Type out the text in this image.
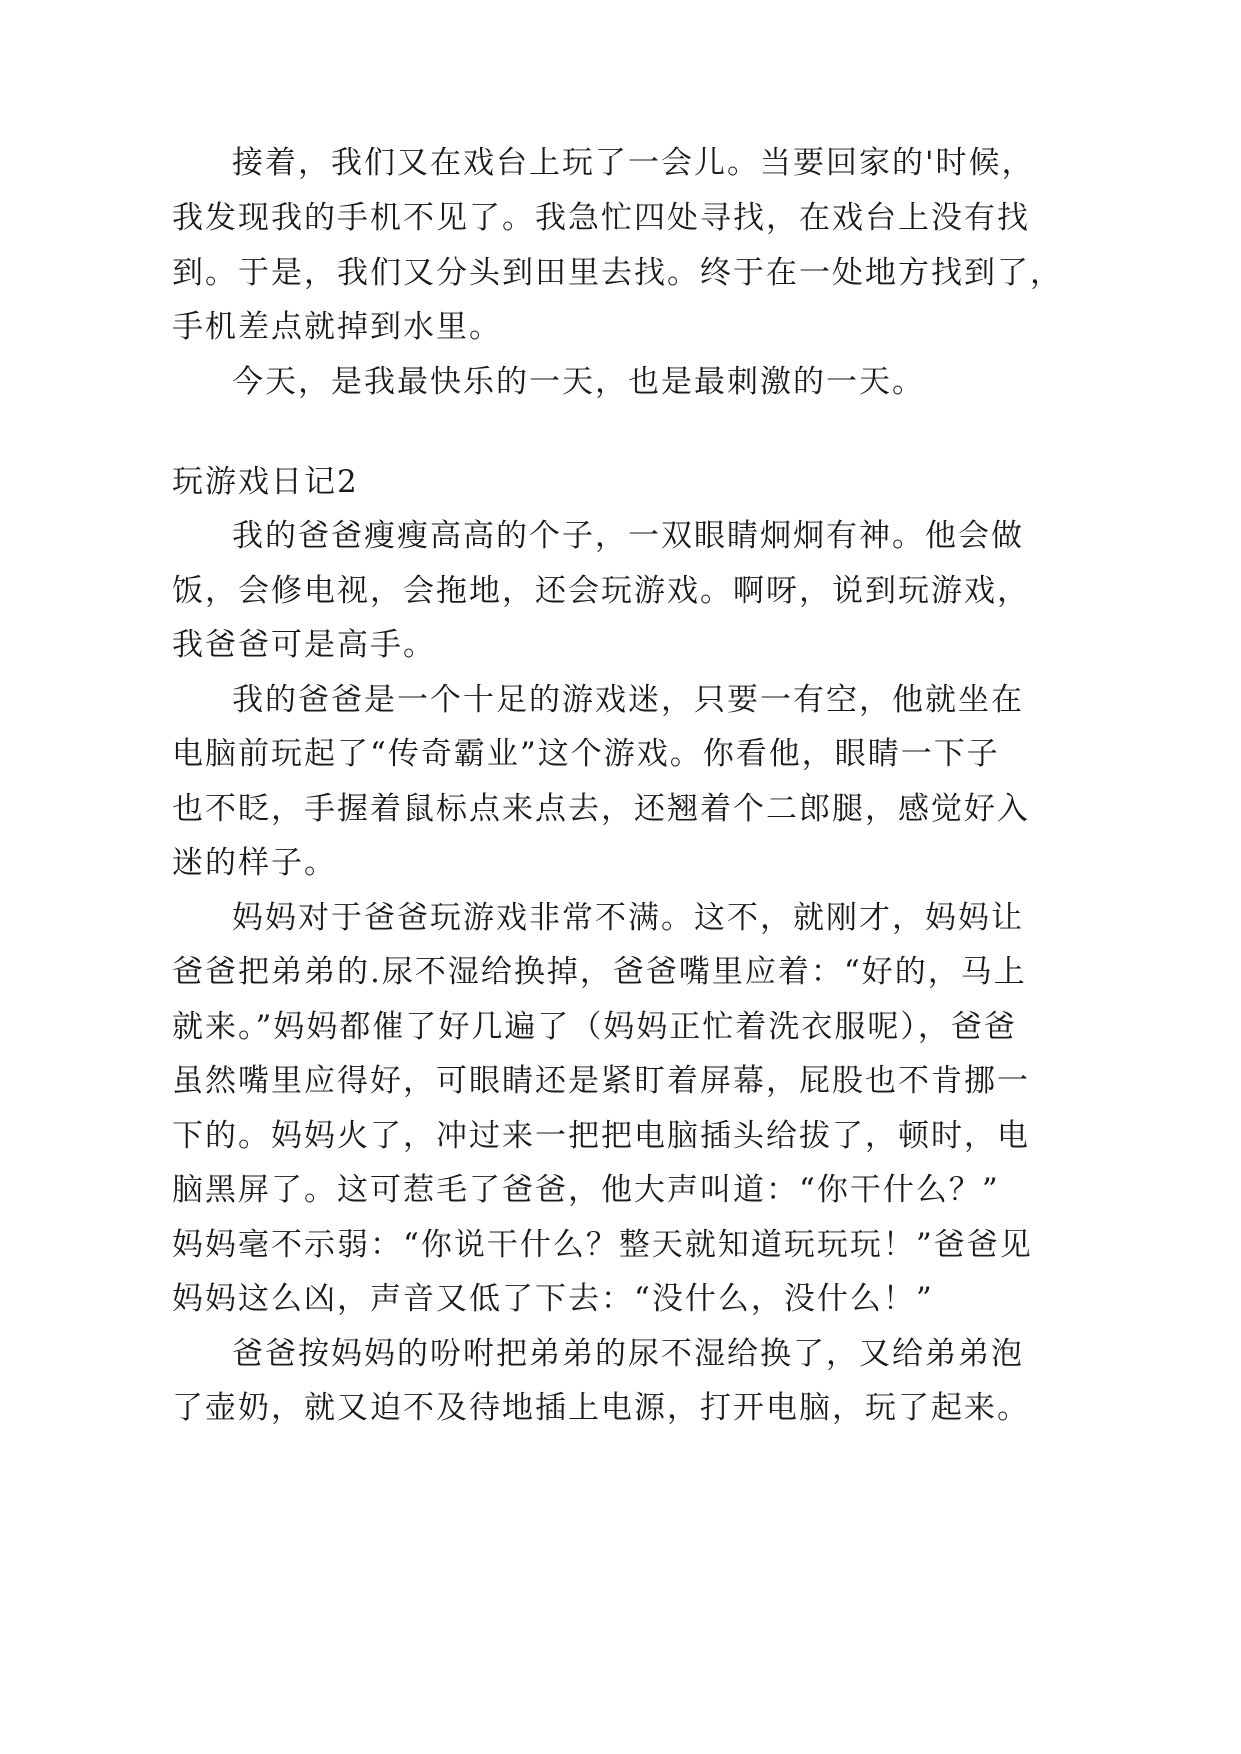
接着，我们又在戏台上玩了一会儿。当要回家的'时候，
我发现我的手机不见了。我急忙四处寻找，在戏台上没有找
到。于是，我们又分头到田里去找。终于在一处地方找到了，
手机差点就掉到水里。
今天，是我最快乐的一天，也是最刺激的一天。
玩游戏日记2
我的爸爸瘦瘦高高的个子，一双眼睛炯炯有神。他会做
饭，会修电视，会拖地，还会玩游戏。啊呀，说到玩游戏，
我爸爸可是高手。
我的爸爸是一个十足的游戏迷，只要一有空，他就坐在
电脑前玩起了“传奇霸业”这个游戏。你看他，眼睛一下子
也不眨，手握着鼠标点来点去，还翘着个二郎腿，感觉好入
迷的样子。
妈妈对于爸爸玩游戏非常不满。这不，就刚才，妈妈让
爸爸把弟弟的.尿不湿给换掉，爸爸嘴里应着：“好的，马上
就来。”妈妈都催了好几遍了（妈妈正忙着洗衣服呢），爸爸
虽然嘴里应得好，可眼睛还是紧盯着屏幕，屁股也不肯挪一
下的。妈妈火了，冲过来一把把电脑插头给拔了，顿时，电
脑黑屏了。这可惹毛了爸爸，他大声叫道：“你干什么？”
妈妈毫不示弱：“你说干什么？整天就知道玩玩玩！”爸爸见
妈妈这么凶，声音又低了下去：“没什么，没什么！”
爸爸按妈妈的吩咐把弟弟的尿不湿给换了，又给弟弟泡
了壶奶，就又迫不及待地插上电源，打开电脑，玩了起来。
